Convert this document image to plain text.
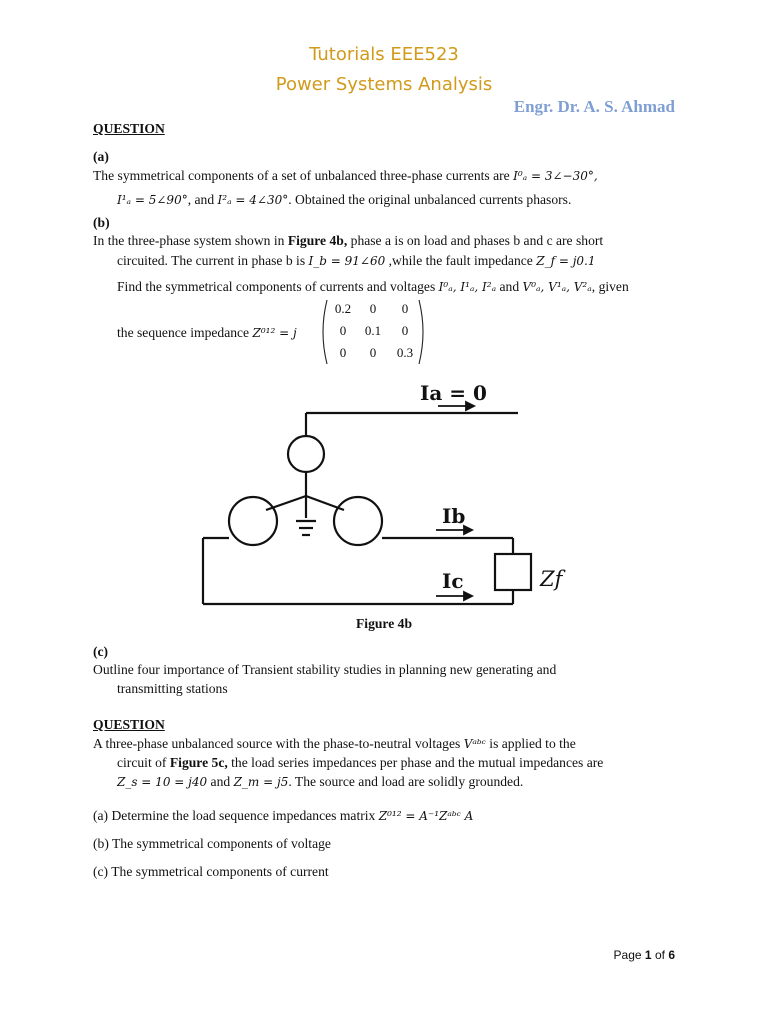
Tutorials EEE523
Power Systems Analysis
Engr. Dr. A. S. Ahmad
QUESTION
(a)
The symmetrical components of a set of unbalanced three-phase currents are I⁰ₐ = 3∠−30°,
I¹ₐ = 5∠90°, and I²ₐ = 4∠30°. Obtained the original unbalanced currents phasors.
(b)
In the three-phase system shown in Figure 4b, phase a is on load and phases b and c are short
circuited. The current in phase b is I_b = 91∠60 ,while the fault impedance Z_f = j0.1
Find the symmetrical components of currents and voltages I⁰ₐ, I¹ₐ, I²ₐ and V⁰ₐ, V¹ₐ, V²ₐ, given
the sequence impedance Z⁰¹² = j
0.2	0	0
0	0.1	0
0	0	0.3
Ia = 0
Ib
Ic	Zf
Figure 4b
(c)
Outline four importance of Transient stability studies in planning new generating and
transmitting stations
QUESTION
A three-phase unbalanced source with the phase-to-neutral voltages Vᵃᵇᶜ is applied to the
circuit of Figure 5c, the load series impedances per phase and the mutual impedances are
Z_s = 10 = j40 and Z_m = j5. The source and load are solidly grounded.
(a) Determine the load sequence impedances matrix Z⁰¹² = A⁻¹Zᵃᵇᶜ A
(b) The symmetrical components of voltage
(c) The symmetrical components of current
Page 1 of 6
